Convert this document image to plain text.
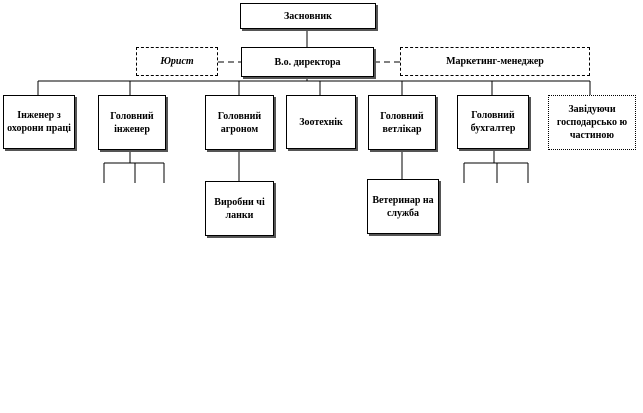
Засновник
Юрист	В.о. директора	Маркетинг-менеджер
Інженер з охорони праці
Головний інженер
Головний агроном
Зоотехнік
Головний ветлікар
Головний бухгалтер
Завідуючи господарсько ю частиною
Виробни чі ланки
Ветеринар на служба
